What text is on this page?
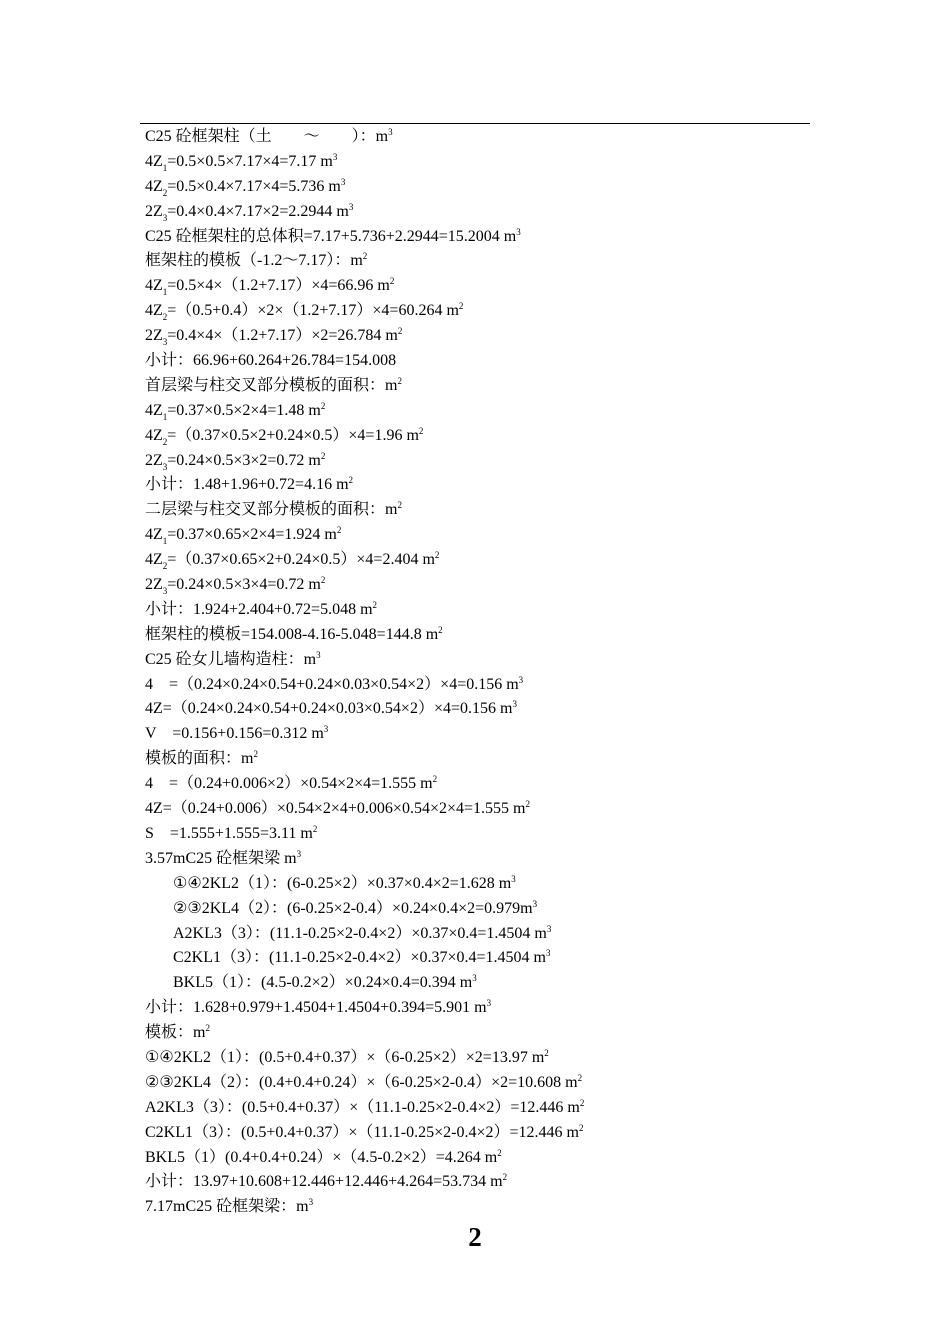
C25 砼框架柱（土　　～　　）：$m^3$
$4Z_1=0.5\times 0.5\times 7.17\times 4=7.17$ $m^3$
$4Z_2=0.5\times 0.4\times 7.17\times 4=5.736$ $m^3$
$2Z_3=0.4\times 0.4\times 7.17\times 2=2.2944$ $m^3$
C25 砼框架柱的总体积=7.17+5.736+2.2944=15.2004 $m^3$
框架柱的模板（-1.2～7.17）：$m^2$
$4Z_1=0.5\times 4\times(1.2+7.17)\times 4=66.96$ $m^2$
$4Z_2=(0.5+0.4)\times 2\times(1.2+7.17)\times 4=60.264$ $m^2$
$2Z_3=0.4\times 4\times(1.2+7.17)\times 2=26.784$ $m^2$
小计：66.96+60.264+26.784=154.008
首层梁与柱交叉部分模板的面积：$m^2$
$4Z_1=0.37\times 0.5\times 2\times 4=1.48$ $m^2$
$4Z_2=(0.37\times 0.5\times 2+0.24\times 0.5)\times 4=1.96$ $m^2$
$2Z_3=0.24\times 0.5\times 3\times 2=0.72$ $m^2$
小计：1.48+1.96+0.72=4.16 $m^2$
二层梁与柱交叉部分模板的面积：$m^2$
$4Z_1=0.37\times 0.65\times 2\times 4=1.924$ $m^2$
$4Z_2=(0.37\times 0.65\times 2+0.24\times 0.5)\times 4=2.404$ $m^2$
$2Z_3=0.24\times 0.5\times 3\times 4=0.72$ $m^2$
小计：1.924+2.404+0.72=5.048 $m^2$
框架柱的模板=154.008-4.16-5.048=144.8 $m^2$
C25 砼女儿墙构造柱：$m^3$
4　=（0.24×0.24×0.54+0.24×0.03×0.54×2）×4=0.156 $m^3$
4Z=（0.24×0.24×0.54+0.24×0.03×0.54×2）×4=0.156 $m^3$
V　=0.156+0.156=0.312 $m^3$
模板的面积：$m^2$
4　=（0.24+0.006×2）×0.54×2×4=1.555 $m^2$
4Z=（0.24+0.006）×0.54×2×4+0.006×0.54×2×4=1.555 $m^2$
S　=1.555+1.555=3.11 $m^2$
3.57mC25 砼框架梁 $m^3$
①④2KL2（1）：(6-0.25×2）×0.37×0.4×2=1.628 $m^3$
②③2KL4（2）：$(6-0.25\times 2-0.4)\times 0.24\times 0.4\times 2=0.979m^3$
A2KL3（3）：(11.1-0.25×2-0.4×2）×0.37×0.4=1.4504 $m^3$
C2KL1（3）：(11.1-0.25×2-0.4×2）×0.37×0.4=1.4504 $m^3$
BKL5（1）：(4.5-0.2×2）×0.24×0.4=0.394 $m^3$
小计：1.628+0.979+1.4504+1.4504+0.394=5.901 $m^3$
模板：$m^2$
①④2KL2（1）：(0.5+0.4+0.37）×（6-0.25×2）×2=13.97 $m^2$
②③2KL4（2）：(0.4+0.4+0.24）×（6-0.25×2-0.4）×2=10.608 $m^2$
A2KL3（3）：(0.5+0.4+0.37）×（11.1-0.25×2-0.4×2）=12.446 $m^2$
C2KL1（3）：(0.5+0.4+0.37）×（11.1-0.25×2-0.4×2）=12.446 $m^2$
BKL5（1）(0.4+0.4+0.24）×（4.5-0.2×2）=4.264 $m^2$
小计：13.97+10.608+12.446+12.446+4.264=53.734 $m^2$
7.17mC25 砼框架梁：$m^3$
2
